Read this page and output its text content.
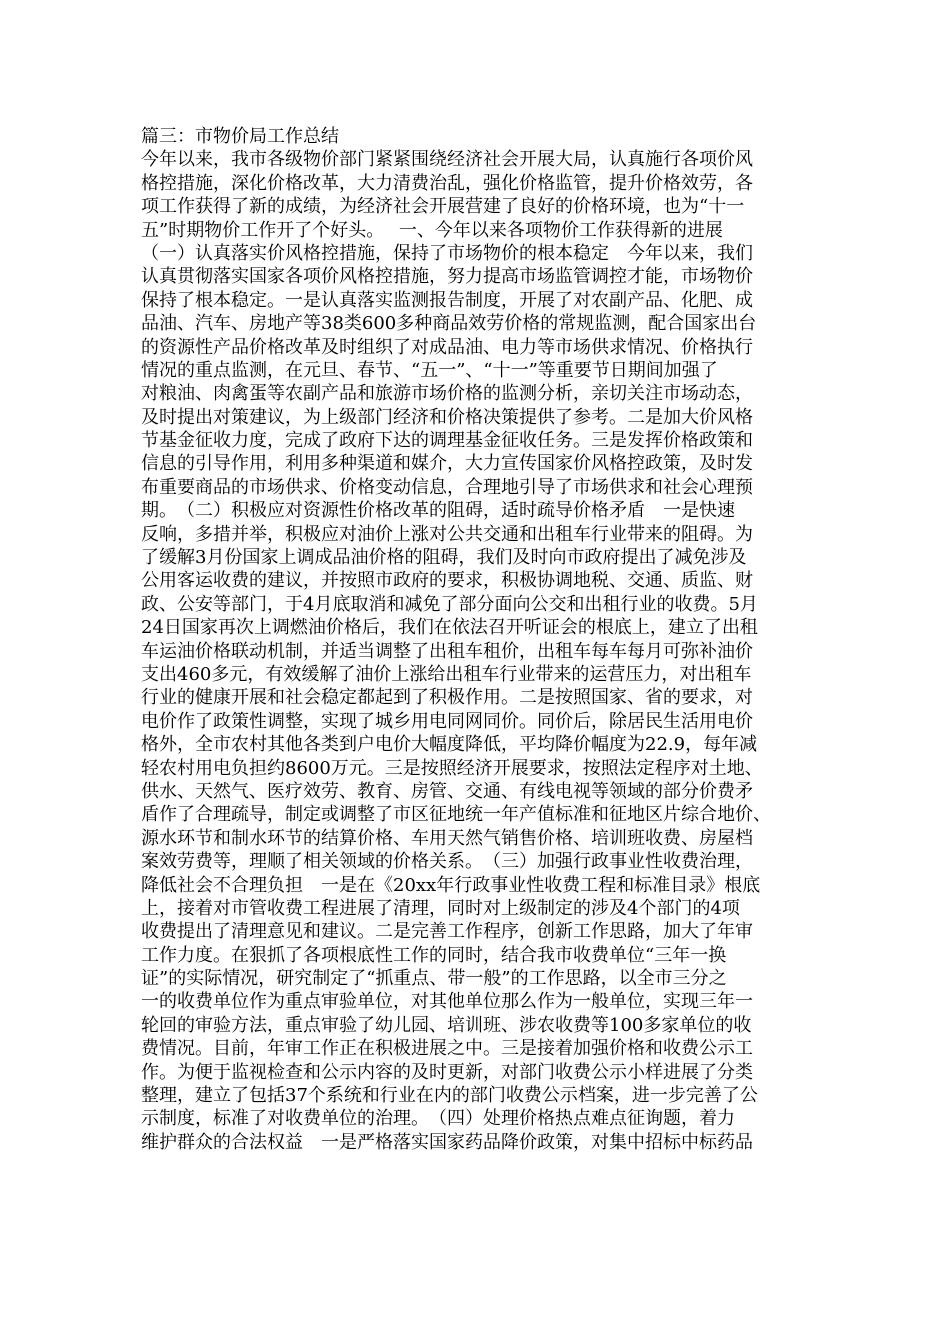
篇三：市物价局工作总结
今年以来，我市各级物价部门紧紧围绕经济社会开展大局，认真施行各项价风
格控措施，深化价格改革，大力清费治乱，强化价格监管，提升价格效劳，各
项工作获得了新的成绩，为经济社会开展营建了良好的价格环境，也为“十一
五”时期物价工作开了个好头。　 一、今年以来各项物价工作获得新的进展
（一）认真落实价风格控措施，保持了市场物价的根本稳定　今年以来，我们
认真贯彻落实国家各项价风格控措施，努力提高市场监管调控才能，市场物价
保持了根本稳定。一是认真落实监测报告制度，开展了对农副产品、化肥、成
品油、汽车、房地产等38类600多种商品效劳价格的常规监测，配合国家出台
的资源性产品价格改革及时组织了对成品油、电力等市场供求情况、价格执行
情况的重点监测，在元旦、春节、“五一”、“十一”等重要节日期间加强了
对粮油、肉禽蛋等农副产品和旅游市场价格的监测分析，亲切关注市场动态，
及时提出对策建议，为上级部门经济和价格决策提供了参考。二是加大价风格
节基金征收力度，完成了政府下达的调理基金征收任务。三是发挥价格政策和
信息的引导作用，利用多种渠道和媒介，大力宣传国家价风格控政策，及时发
布重要商品的市场供求、价格变动信息，合理地引导了市场供求和社会心理预
期。　（二）积极应对资源性价格改革的阻碍，适时疏导价格矛盾　一是快速
反响，多措并举，积极应对油价上涨对公共交通和出租车行业带来的阻碍。为
了缓解3月份国家上调成品油价格的阻碍，我们及时向市政府提出了减免涉及
公用客运收费的建议，并按照市政府的要求，积极协调地税、交通、质监、财
政、公安等部门，于4月底取消和减免了部分面向公交和出租行业的收费。5月
24日国家再次上调燃油价格后，我们在依法召开听证会的根底上，建立了出租
车运油价格联动机制，并适当调整了出租车租价，出租车每车每月可弥补油价
支出460多元，有效缓解了油价上涨给出租车行业带来的运营压力，对出租车
行业的健康开展和社会稳定都起到了积极作用。二是按照国家、省的要求，对
电价作了政策性调整，实现了城乡用电同网同价。同价后，除居民生活用电价
格外，全市农村其他各类到户电价大幅度降低，平均降价幅度为22.9，每年减
轻农村用电负担约8600万元。三是按照经济开展要求，按照法定程序对土地、
供水、天然气、医疗效劳、教育、房管、交通、有线电视等领域的部分价费矛
盾作了合理疏导，制定或调整了市区征地统一年产值标准和征地区片综合地价、
源水环节和制水环节的结算价格、车用天然气销售价格、培训班收费、房屋档
案效劳费等，理顺了相关领域的价格关系。　（三）加强行政事业性收费治理，
降低社会不合理负担　一是在《20xx年行政事业性收费工程和标准目录》根底
上，接着对市管收费工程进展了清理，同时对上级制定的涉及4个部门的4项
收费提出了清理意见和建议。二是完善工作程序，创新工作思路，加大了年审
工作力度。在狠抓了各项根底性工作的同时，结合我市收费单位“三年一换
证”的实际情况，研究制定了“抓重点、带一般”的工作思路，以全市三分之
一的收费单位作为重点审验单位，对其他单位那么作为一般单位，实现三年一
轮回的审验方法，重点审验了幼儿园、培训班、涉农收费等100多家单位的收
费情况。目前，年审工作正在积极进展之中。三是接着加强价格和收费公示工
作。为便于监视检查和公示内容的及时更新，对部门收费公示小样进展了分类
整理，建立了包括37个系统和行业在内的部门收费公示档案，进一步完善了公
示制度，标准了对收费单位的治理。　（四）处理价格热点难点征询题，着力
维护群众的合法权益　一是严格落实国家药品降价政策，对集中招标中标药品
